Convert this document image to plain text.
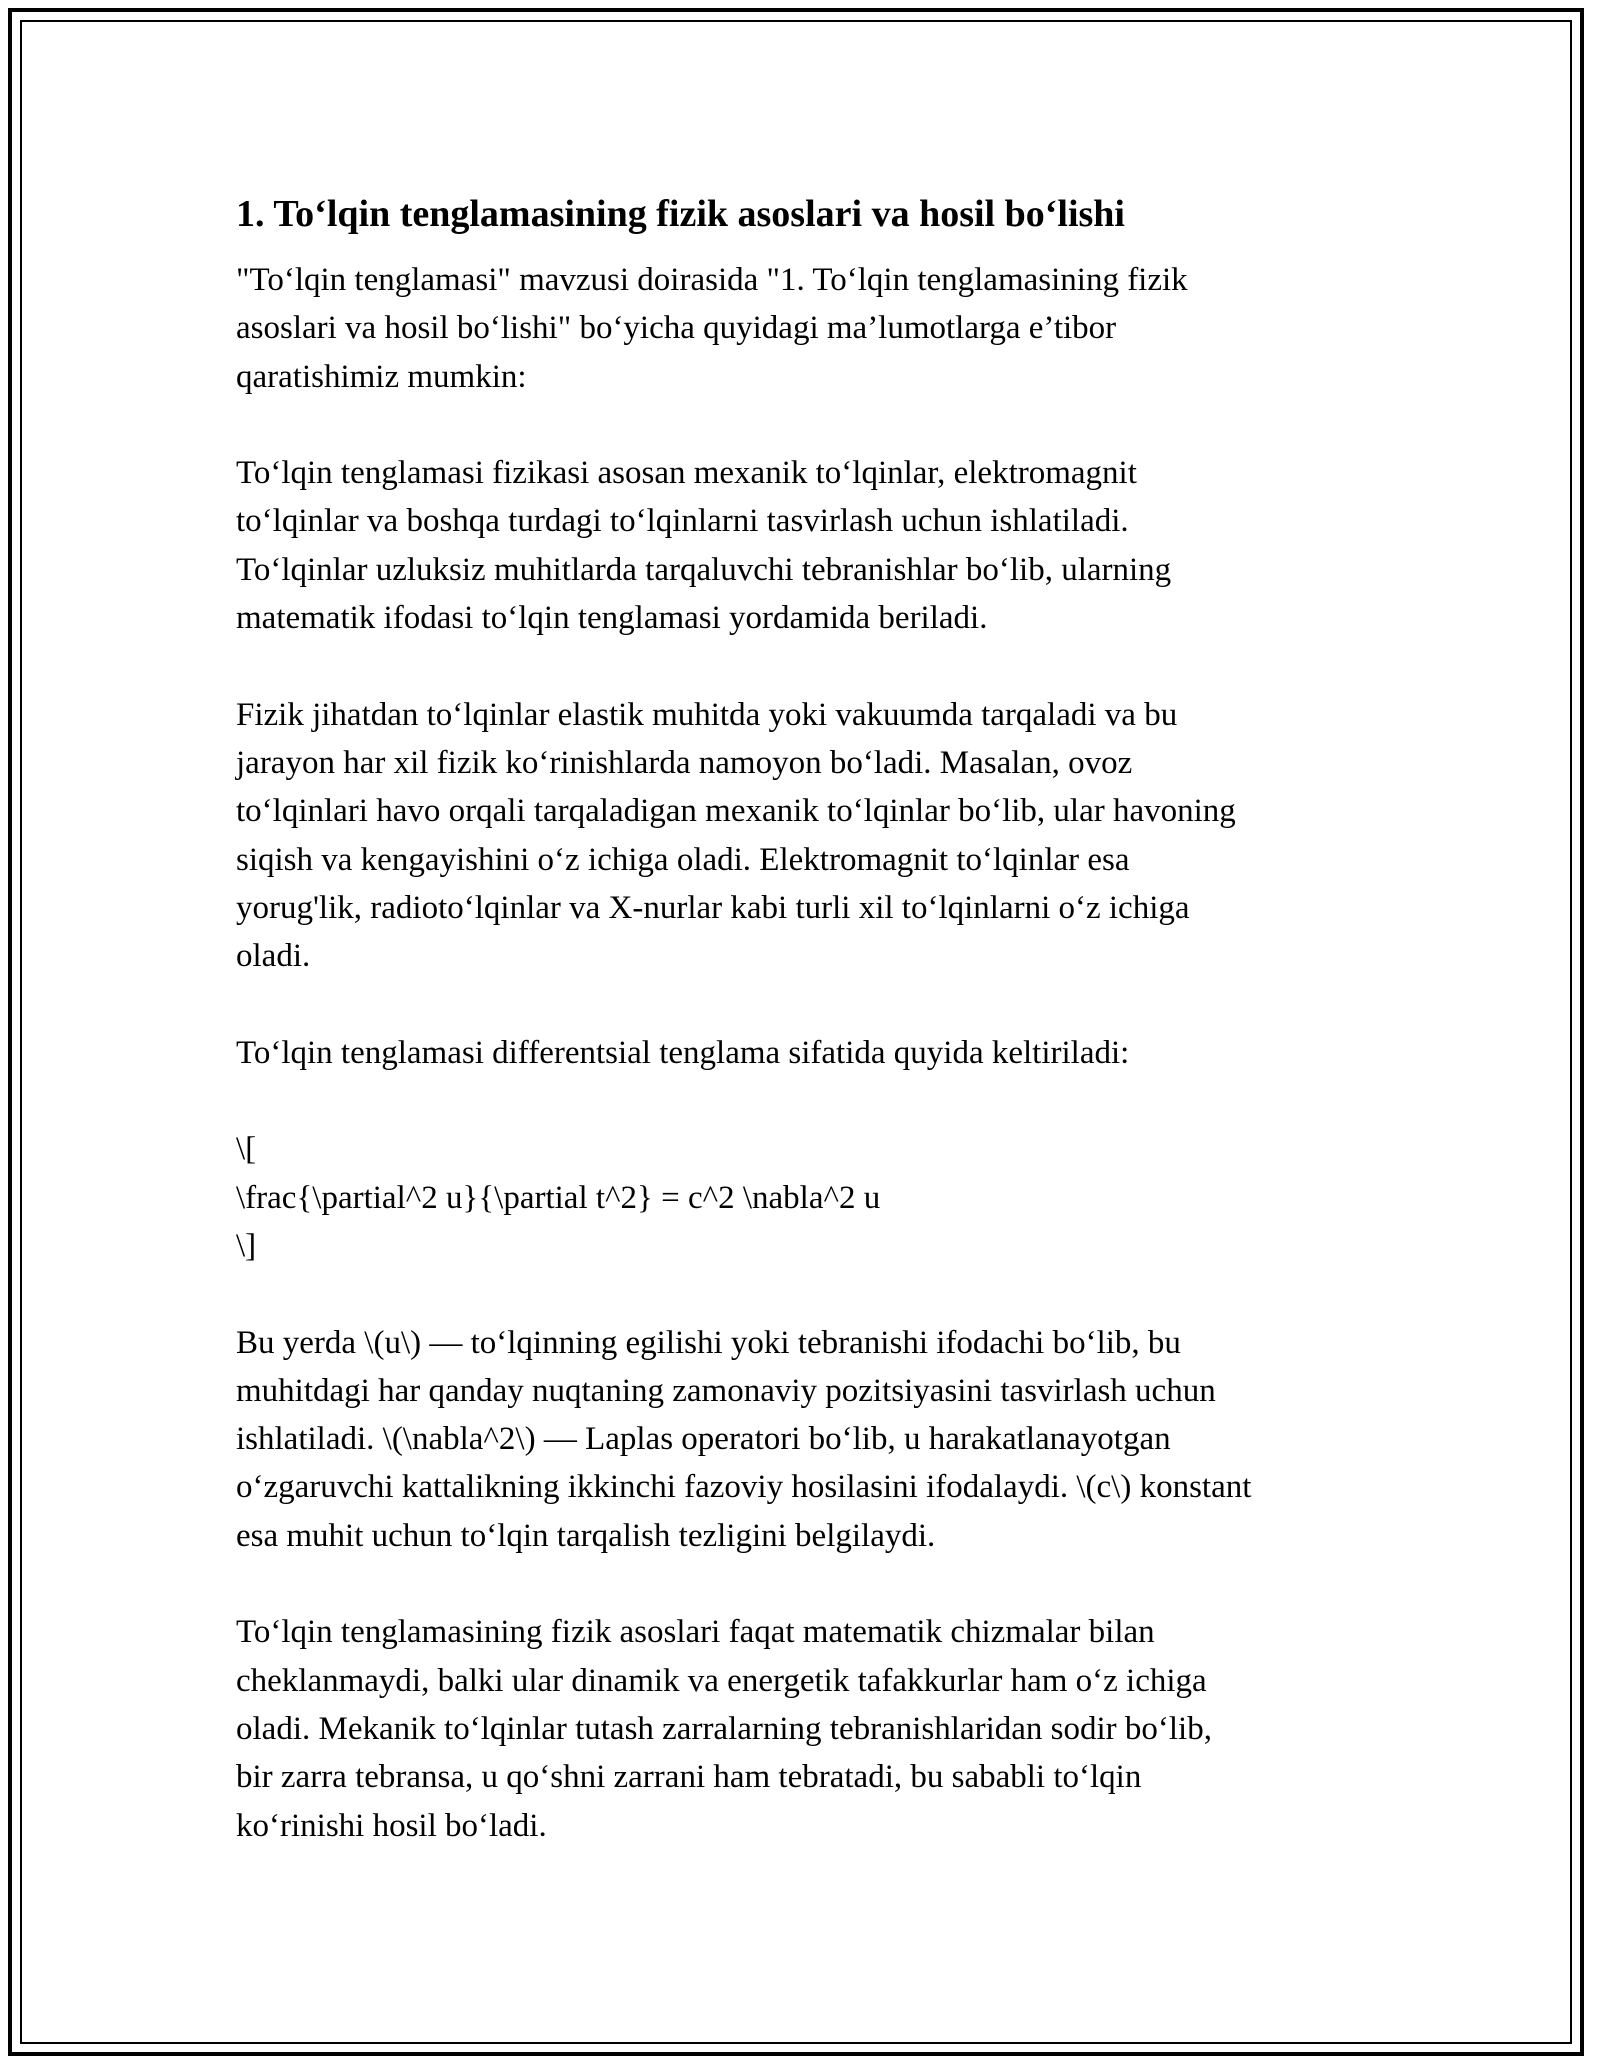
1. To‘lqin tenglamasining fizik asoslari va hosil bo‘lishi

"To‘lqin tenglamasi" mavzusi doirasida "1. To‘lqin tenglamasining fizik
asoslari va hosil bo‘lishi" bo‘yicha quyidagi ma’lumotlarga e’tibor
qaratishimiz mumkin:

To‘lqin tenglamasi fizikasi asosan mexanik to‘lqinlar, elektromagnit
to‘lqinlar va boshqa turdagi to‘lqinlarni tasvirlash uchun ishlatiladi.
To‘lqinlar uzluksiz muhitlarda tarqaluvchi tebranishlar bo‘lib, ularning
matematik ifodasi to‘lqin tenglamasi yordamida beriladi.

Fizik jihatdan to‘lqinlar elastik muhitda yoki vakuumda tarqaladi va bu
jarayon har xil fizik ko‘rinishlarda namoyon bo‘ladi. Masalan, ovoz
to‘lqinlari havo orqali tarqaladigan mexanik to‘lqinlar bo‘lib, ular havoning
siqish va kengayishini o‘z ichiga oladi. Elektromagnit to‘lqinlar esa
yorug'lik, radioto‘lqinlar va X-nurlar kabi turli xil to‘lqinlarni o‘z ichiga
oladi.

To‘lqin tenglamasi differentsial tenglama sifatida quyida keltiriladi:

\[
\frac{\partial^2 u}{\partial t^2} = c^2 \nabla^2 u
\]

Bu yerda \(u\) — to‘lqinning egilishi yoki tebranishi ifodachi bo‘lib, bu
muhitdagi har qanday nuqtaning zamonaviy pozitsiyasini tasvirlash uchun
ishlatiladi. \(\nabla^2\) — Laplas operatori bo‘lib, u harakatlanayotgan
o‘zgaruvchi kattalikning ikkinchi fazoviy hosilasini ifodalaydi. \(c\) konstant
esa muhit uchun to‘lqin tarqalish tezligini belgilaydi.

To‘lqin tenglamasining fizik asoslari faqat matematik chizmalar bilan
cheklanmaydi, balki ular dinamik va energetik tafakkurlar ham o‘z ichiga
oladi. Mekanik to‘lqinlar tutash zarralarning tebranishlaridan sodir bo‘lib,
bir zarra tebransa, u qo‘shni zarrani ham tebratadi, bu sababli to‘lqin
ko‘rinishi hosil bo‘ladi.
